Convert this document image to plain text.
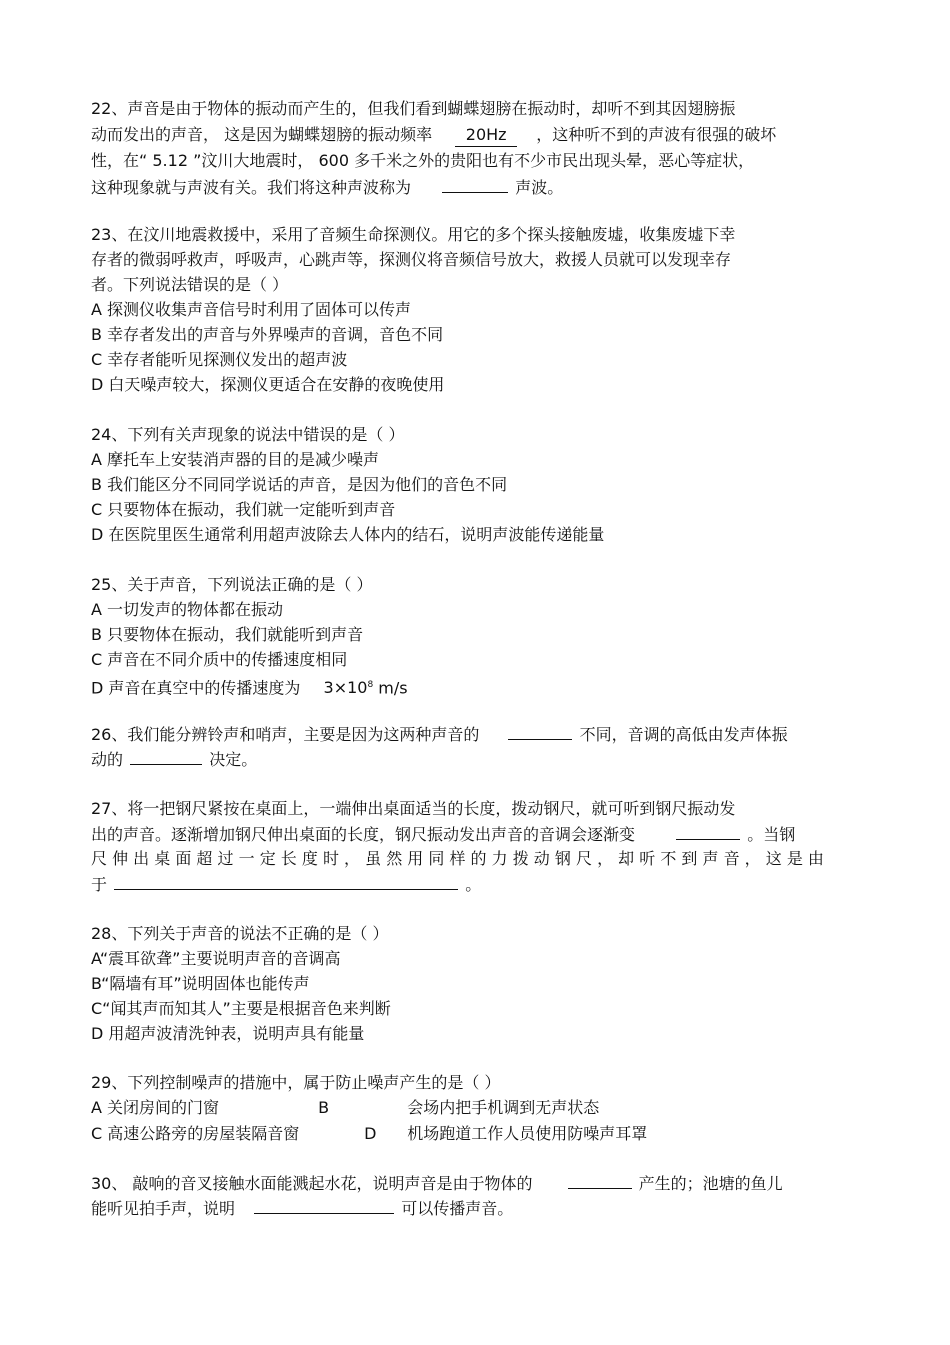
22、声音是由于物体的振动而产生的，但我们看到蝴蝶翅膀在振动时，却听不到其因翅膀振
动而发出的声音， 这是因为蝴蝶翅膀的振动频率 20Hz ，这种听不到的声波有很强的破坏
性，在“ 5.12 ”汶川大地震时， 600 多千米之外的贵阳也有不少市民出现头晕，恶心等症状，
这种现象就与声波有关。我们将这种声波称为	声波。
23、在汶川地震救援中，采用了音频生命探测仪。用它的多个探头接触废墟，收集废墟下幸
存者的微弱呼救声，呼吸声，心跳声等，探测仪将音频信号放大，救援人员就可以发现幸存
者。下列说法错误的是（ ）
A 探测仪收集声音信号时利用了固体可以传声
B 幸存者发出的声音与外界噪声的音调，音色不同
C 幸存者能听见探测仪发出的超声波
D 白天噪声较大，探测仪更适合在安静的夜晚使用
24、下列有关声现象的说法中错误的是（ ）
A 摩托车上安装消声器的目的是减少噪声
B 我们能区分不同同学说话的声音，是因为他们的音色不同
C 只要物体在振动，我们就一定能听到声音
D 在医院里医生通常利用超声波除去人体内的结石，说明声波能传递能量
25、关于声音，下列说法正确的是（ ）
A 一切发声的物体都在振动
B 只要物体在振动，我们就能听到声音
C 声音在不同介质中的传播速度相同
D 声音在真空中的传播速度为 $3\times 10^8$ m/s
26、我们能分辨铃声和哨声，主要是因为这两种声音的	不同，音调的高低由发声体振
动的	决定。
27、将一把钢尺紧按在桌面上，一端伸出桌面适当的长度，拨动钢尺，就可听到钢尺振动发
出的声音。逐渐增加钢尺伸出桌面的长度，钢尺振动发出声音的音调会逐渐变	。当钢
尺 伸 出 桌 面 超 过 一 定 长 度 时 ， 虽 然 用 同 样 的 力 拨 动 钢 尺 ， 却 听 不 到 声 音 ， 这 是 由
于	。
28、下列关于声音的说法不正确的是（ ）
A“震耳欲聋”主要说明声音的音调高
B“隔墙有耳”说明固体也能传声
C“闻其声而知其人”主要是根据音色来判断
D 用超声波清洗钟表，说明声具有能量
29、下列控制噪声的措施中，属于防止噪声产生的是（ ）
A 关闭房间的门窗	B	会场内把手机调到无声状态
C 高速公路旁的房屋装隔音窗	D 机场跑道工作人员使用防噪声耳罩
30、 敲响的音叉接触水面能溅起水花，说明声音是由于物体的	产生的；池塘的鱼儿
能听见拍手声，说明	可以传播声音。
